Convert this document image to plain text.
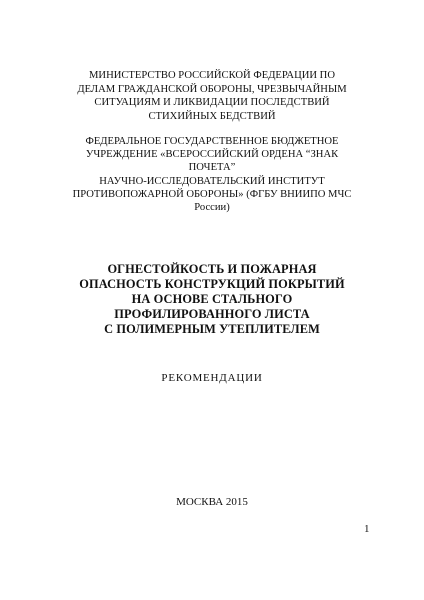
МИНИСТЕРСТВО РОССИЙСКОЙ ФЕДЕРАЦИИ ПО
ДЕЛАМ ГРАЖДАНСКОЙ ОБОРОНЫ, ЧРЕЗВЫЧАЙНЫМ
СИТУАЦИЯМ И ЛИКВИДАЦИИ ПОСЛЕДСТВИЙ
СТИХИЙНЫХ БЕДСТВИЙ
ФЕДЕРАЛЬНОЕ ГОСУДАРСТВЕННОЕ БЮДЖЕТНОЕ
УЧРЕЖДЕНИЕ «ВСЕРОССИЙСКИЙ ОРДЕНА “ЗНАК
ПОЧЕТА”
НАУЧНО-ИССЛЕДОВАТЕЛЬСКИЙ ИНСТИТУТ
ПРОТИВОПОЖАРНОЙ ОБОРОНЫ» (ФГБУ ВНИИПО МЧС
России)
ОГНЕСТОЙКОСТЬ И ПОЖАРНАЯ
ОПАСНОСТЬ КОНСТРУКЦИЙ ПОКРЫТИЙ
НА ОСНОВЕ СТАЛЬНОГО
ПРОФИЛИРОВАННОГО ЛИСТА
С ПОЛИМЕРНЫМ УТЕПЛИТЕЛЕМ
РЕКОМЕНДАЦИИ
МОСКВА 2015
1
